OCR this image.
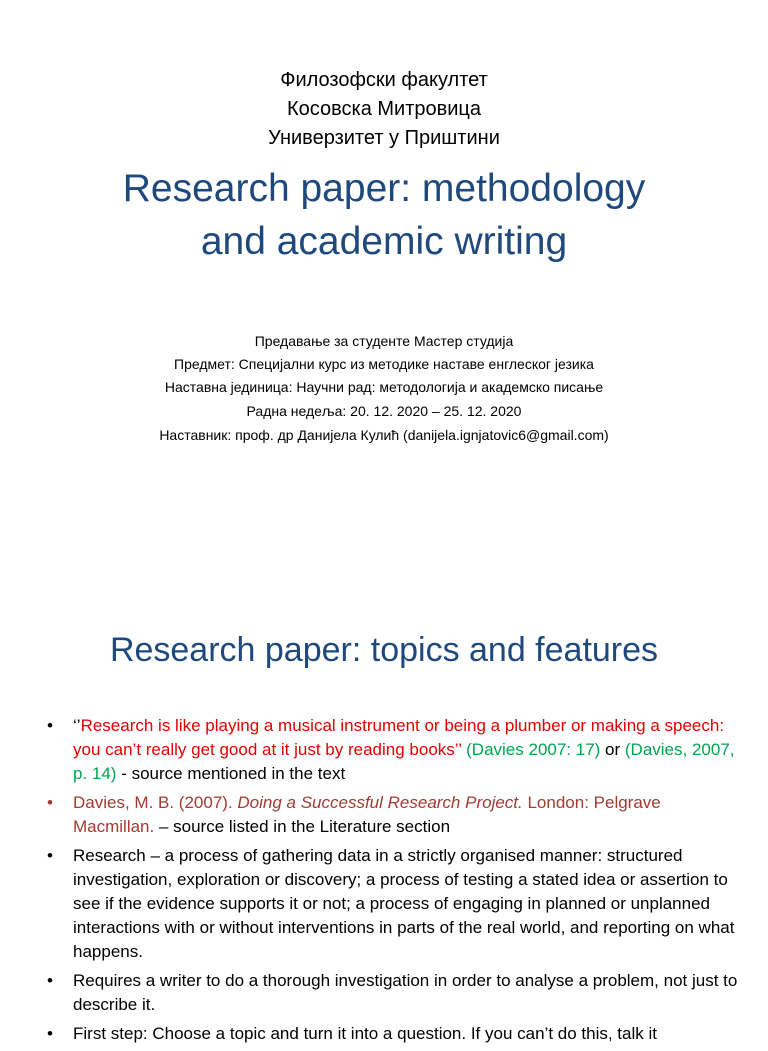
Филозофски факултет
Косовска Митровица
Универзитет у Приштини
Research paper: methodology
and academic writing
Предавање за студенте Мастер студија
Предмет: Специјални курс из методике наставе енглеског језика
Наставна јединица: Научни рад: методологија и академско писање
Радна недеља: 20. 12. 2020 – 25. 12. 2020
Наставник: проф. др Данијела Кулић (danijela.ignjatovic6@gmail.com)
Research paper: topics and features
• ‘’Research is like playing a musical instrument or being a plumber or making a speech: you can’t really get good at it just by reading books’’ (Davies 2007: 17) or (Davies, 2007, p. 14) - source mentioned in the text
• Davies, M. B. (2007). Doing a Successful Research Project. London: Pelgrave Macmillan. – source listed in the Literature section
• Research – a process of gathering data in a strictly organised manner: structured investigation, exploration or discovery; a process of testing a stated idea or assertion to see if the evidence supports it or not; a process of engaging in planned or unplanned interactions with or without interventions in parts of the real world, and reporting on what happens.
• Requires a writer to do a thorough investigation in order to analyse a problem, not just to describe it.
• First step: Choose a topic and turn it into a question. If you can’t do this, talk it
